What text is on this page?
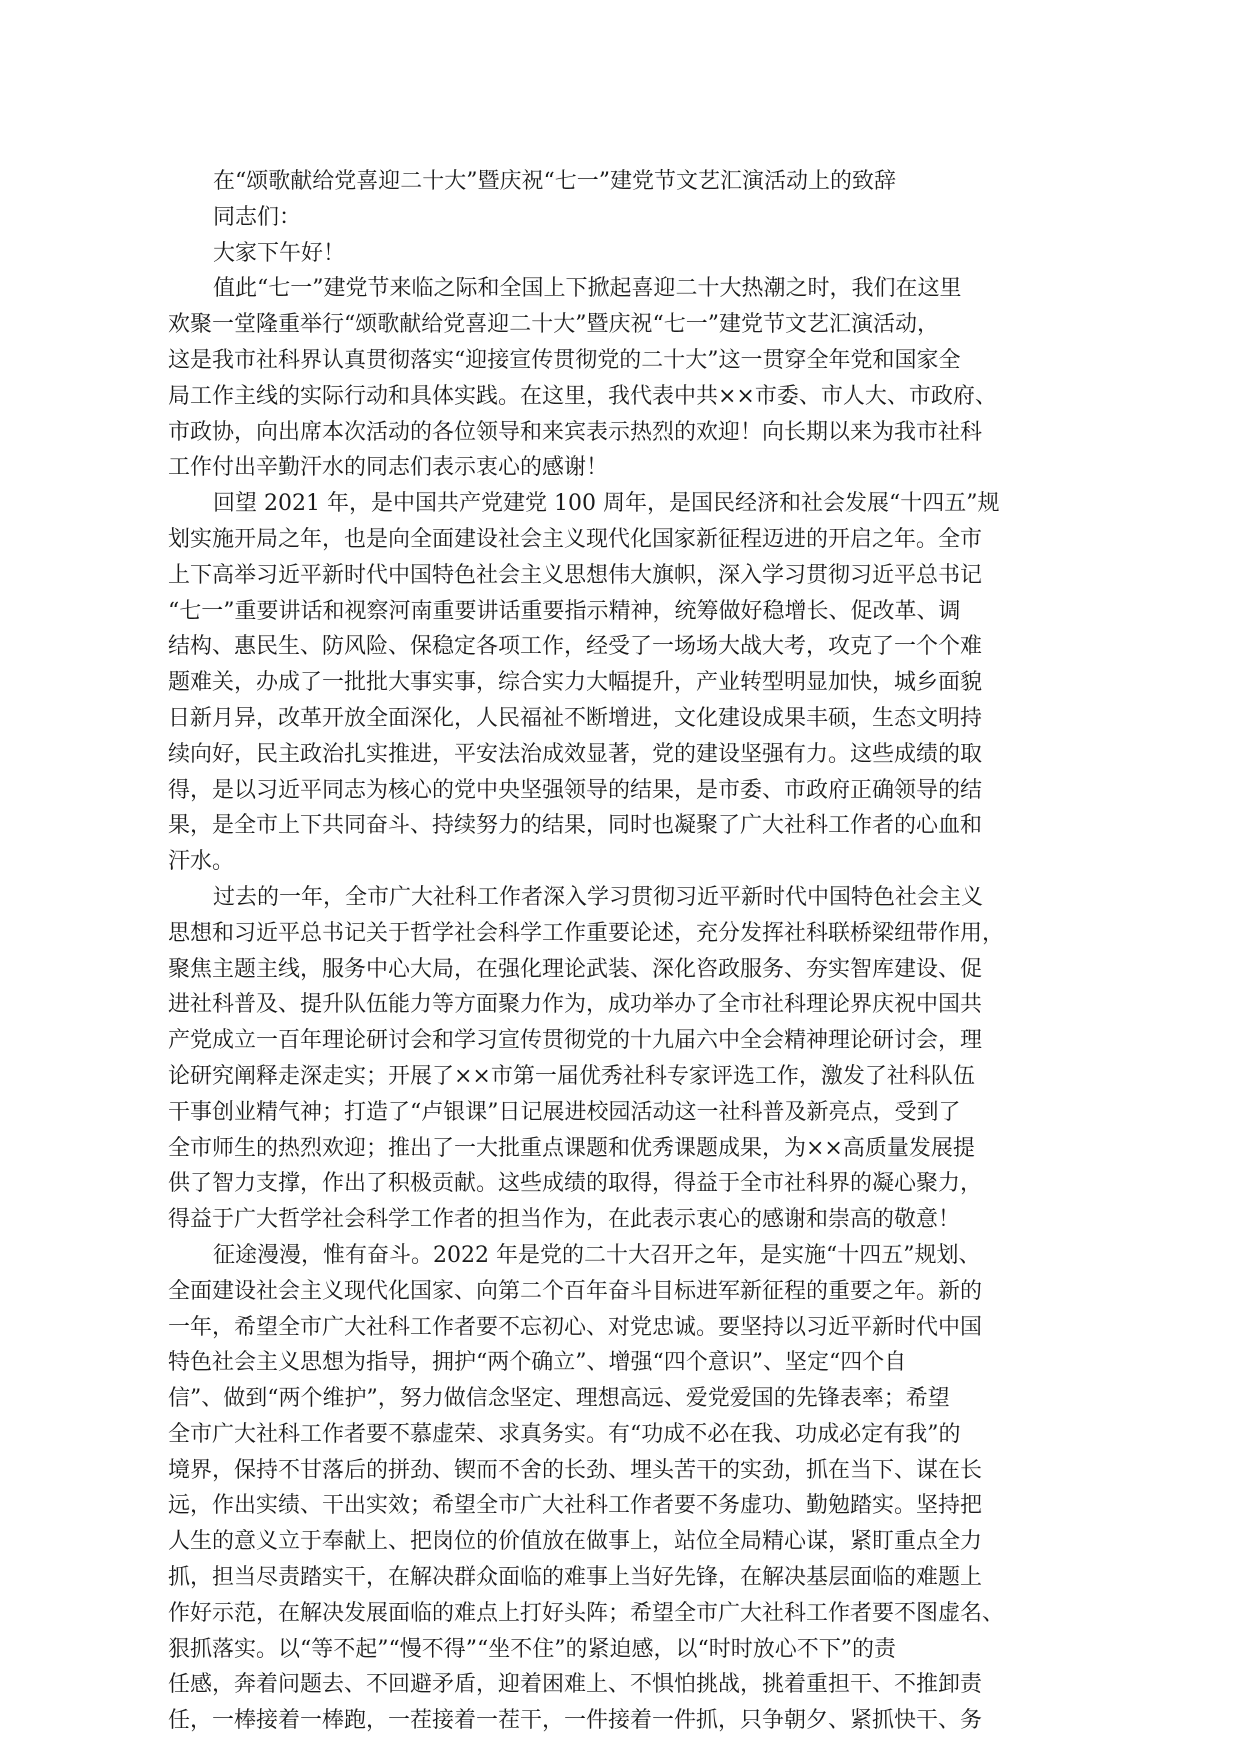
在“颂歌献给党喜迎二十大”暨庆祝“七一”建党节文艺汇演活动上的致辞
同志们：
大家下午好！
值此“七一”建党节来临之际和全国上下掀起喜迎二十大热潮之时，我们在这里
欢聚一堂隆重举行“颂歌献给党喜迎二十大”暨庆祝“七一”建党节文艺汇演活动，
这是我市社科界认真贯彻落实“迎接宣传贯彻党的二十大”这一贯穿全年党和国家全
局工作主线的实际行动和具体实践。在这里，我代表中共××市委、市人大、市政府、
市政协，向出席本次活动的各位领导和来宾表示热烈的欢迎！向长期以来为我市社科
工作付出辛勤汗水的同志们表示衷心的感谢！
回望 2021 年，是中国共产党建党 100 周年，是国民经济和社会发展“十四五”规
划实施开局之年，也是向全面建设社会主义现代化国家新征程迈进的开启之年。全市
上下高举习近平新时代中国特色社会主义思想伟大旗帜，深入学习贯彻习近平总书记
“七一”重要讲话和视察河南重要讲话重要指示精神，统筹做好稳增长、促改革、调
结构、惠民生、防风险、保稳定各项工作，经受了一场场大战大考，攻克了一个个难
题难关，办成了一批批大事实事，综合实力大幅提升，产业转型明显加快，城乡面貌
日新月异，改革开放全面深化，人民福祉不断增进，文化建设成果丰硕，生态文明持
续向好，民主政治扎实推进，平安法治成效显著，党的建设坚强有力。这些成绩的取
得，是以习近平同志为核心的党中央坚强领导的结果，是市委、市政府正确领导的结
果，是全市上下共同奋斗、持续努力的结果，同时也凝聚了广大社科工作者的心血和
汗水。
过去的一年，全市广大社科工作者深入学习贯彻习近平新时代中国特色社会主义
思想和习近平总书记关于哲学社会科学工作重要论述，充分发挥社科联桥梁纽带作用，
聚焦主题主线，服务中心大局，在强化理论武装、深化咨政服务、夯实智库建设、促
进社科普及、提升队伍能力等方面聚力作为，成功举办了全市社科理论界庆祝中国共
产党成立一百年理论研讨会和学习宣传贯彻党的十九届六中全会精神理论研讨会，理
论研究阐释走深走实；开展了××市第一届优秀社科专家评选工作，激发了社科队伍
干事创业精气神；打造了“卢银课”日记展进校园活动这一社科普及新亮点，受到了
全市师生的热烈欢迎；推出了一大批重点课题和优秀课题成果，为××高质量发展提
供了智力支撑，作出了积极贡献。这些成绩的取得，得益于全市社科界的凝心聚力，
得益于广大哲学社会科学工作者的担当作为，在此表示衷心的感谢和崇高的敬意！
征途漫漫，惟有奋斗。2022 年是党的二十大召开之年，是实施“十四五”规划、
全面建设社会主义现代化国家、向第二个百年奋斗目标进军新征程的重要之年。新的
一年，希望全市广大社科工作者要不忘初心、对党忠诚。要坚持以习近平新时代中国
特色社会主义思想为指导，拥护“两个确立”、增强“四个意识”、坚定“四个自
信”、做到“两个维护”，努力做信念坚定、理想高远、爱党爱国的先锋表率；希望
全市广大社科工作者要不慕虚荣、求真务实。有“功成不必在我、功成必定有我”的
境界，保持不甘落后的拼劲、锲而不舍的长劲、埋头苦干的实劲，抓在当下、谋在长
远，作出实绩、干出实效；希望全市广大社科工作者要不务虚功、勤勉踏实。坚持把
人生的意义立于奉献上、把岗位的价值放在做事上，站位全局精心谋，紧盯重点全力
抓，担当尽责踏实干，在解决群众面临的难事上当好先锋，在解决基层面临的难题上
作好示范，在解决发展面临的难点上打好头阵；希望全市广大社科工作者要不图虚名、
狠抓落实。以“等不起”“慢不得”“坐不住”的紧迫感，以“时时放心不下”的责
任感，奔着问题去、不回避矛盾，迎着困难上、不惧怕挑战，挑着重担干、不推卸责
任，一棒接着一棒跑，一茬接着一茬干，一件接着一件抓，只争朝夕、紧抓快干、务
